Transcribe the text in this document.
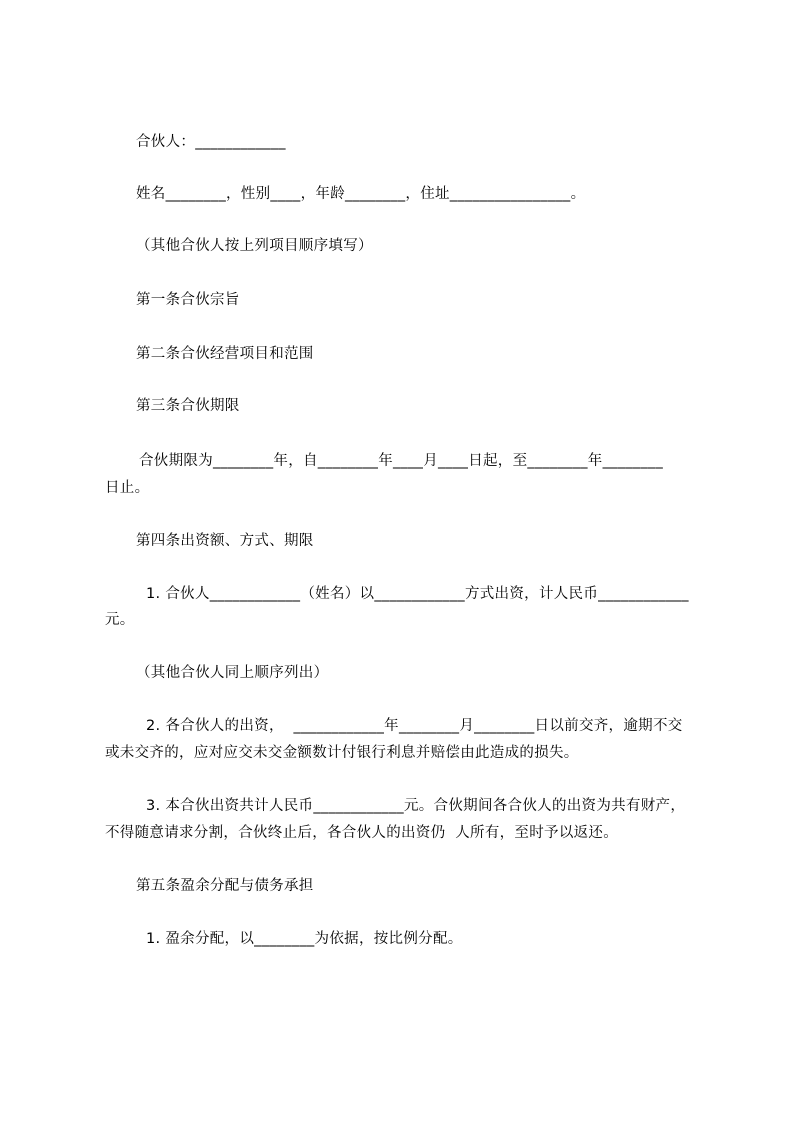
合伙人：____________
姓名________，性别____，年龄________，住址________________。
（其他合伙人按上列项目顺序填写）
第一条合伙宗旨
第二条合伙经营项目和范围
第三条合伙期限
合伙期限为________年，自________年____月____日起，至________年________
日止。
第四条出资额、方式、期限
1. 合伙人____________（姓名）以____________方式出资，计人民币____________
元。
（其他合伙人同上顺序列出）
2. 各合伙人的出资，  ____________年________月________日以前交齐，逾期不交
或未交齐的，应对应交未交金额数计付银行利息并赔偿由此造成的损失。
3. 本合伙出资共计人民币____________元。合伙期间各合伙人的出资为共有财产，
不得随意请求分割，合伙终止后，各合伙人的出资仍  人所有，至时予以返还。
第五条盈余分配与债务承担
1. 盈余分配，以________为依据，按比例分配。
